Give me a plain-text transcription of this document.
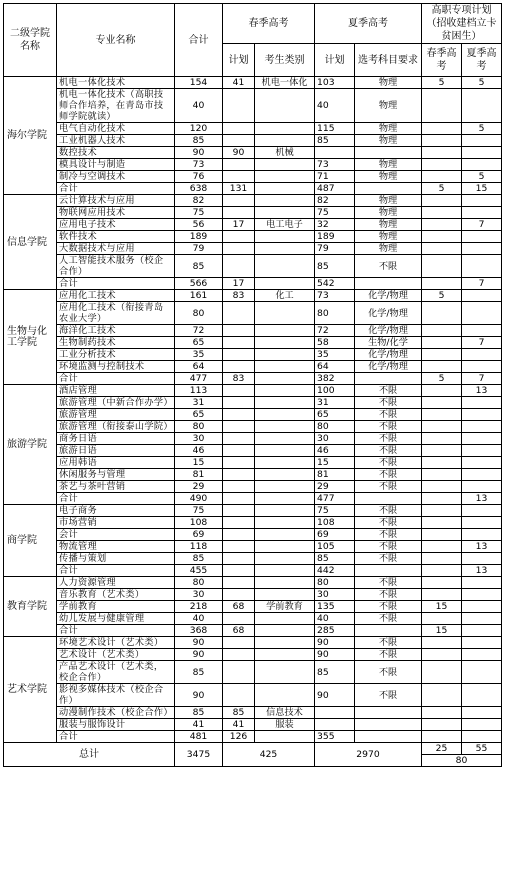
二级学院名称	专业名称	合计	春季高考		夏季高考		高职专项计划（招收建档立卡贫困生）	
			计划	考生类别	计划	选考科目要求	春季高考	夏季高考
海尔学院	机电一体化技术	154	41	机电一体化	103	物理	5	5
	机电一体化技术（高职技师合作培养，在青岛市技师学院就读）	40			40	物理		
	电气自动化技术	120			115	物理		5
	工业机器人技术	85			85	物理		
	数控技术	90	90	机械				
	模具设计与制造	73			73	物理		
	制冷与空调技术	76			71	物理		5
	合计	638	131		487		5	15
信息学院	云计算技术与应用	82			82	物理		
	物联网应用技术	75			75	物理		
	应用电子技术	56	17	电工电子	32	物理		7
	软件技术	189			189	物理		
	大数据技术与应用	79			79	物理		
	人工智能技术服务（校企合作）	85			85	不限		
	合计	566	17		542			7
生物与化工学院	应用化工技术	161	83	化工	73	化学/物理	5	
	应用化工技术（衔接青岛农业大学）	80			80	化学/物理		
	海洋化工技术	72			72	化学/物理		
	生物制药技术	65			58	生物/化学		7
	工业分析技术	35			35	化学/物理		
	环境监测与控制技术	64			64	化学/物理		
	合计	477	83		382		5	7
旅游学院	酒店管理	113			100	不限		13
	旅游管理（中新合作办学）	31			31	不限		
	旅游管理	65			65	不限		
	旅游管理（衔接泰山学院）	80			80	不限		
	商务日语	30			30	不限		
	旅游日语	46			46	不限		
	应用韩语	15			15	不限		
	休闲服务与管理	81			81	不限		
	茶艺与茶叶营销	29			29	不限		
	合计	490			477			13
商学院	电子商务	75			75	不限		
	市场营销	108			108	不限		
	会计	69			69	不限		
	物流管理	118			105	不限		13
	传播与策划	85			85	不限		
	合计	455			442			13
教育学院	人力资源管理	80			80	不限		
	音乐教育（艺术类）	30			30	不限		
	学前教育	218	68	学前教育	135	不限	15	
	幼儿发展与健康管理	40			40	不限		
	合计	368	68		285		15	
艺术学院	环境艺术设计（艺术类）	90			90	不限		
	艺术设计（艺术类）	90			90	不限		
	产品艺术设计（艺术类，校企合作）	85			85	不限		
	影视多媒体技术（校企合作）	90			90	不限		
	动漫制作技术（校企合作）	85	85	信息技术				
	服装与服饰设计	41	41	服装				
	合计	481	126		355			
总计		3475	425		2970		25	55
							80	
